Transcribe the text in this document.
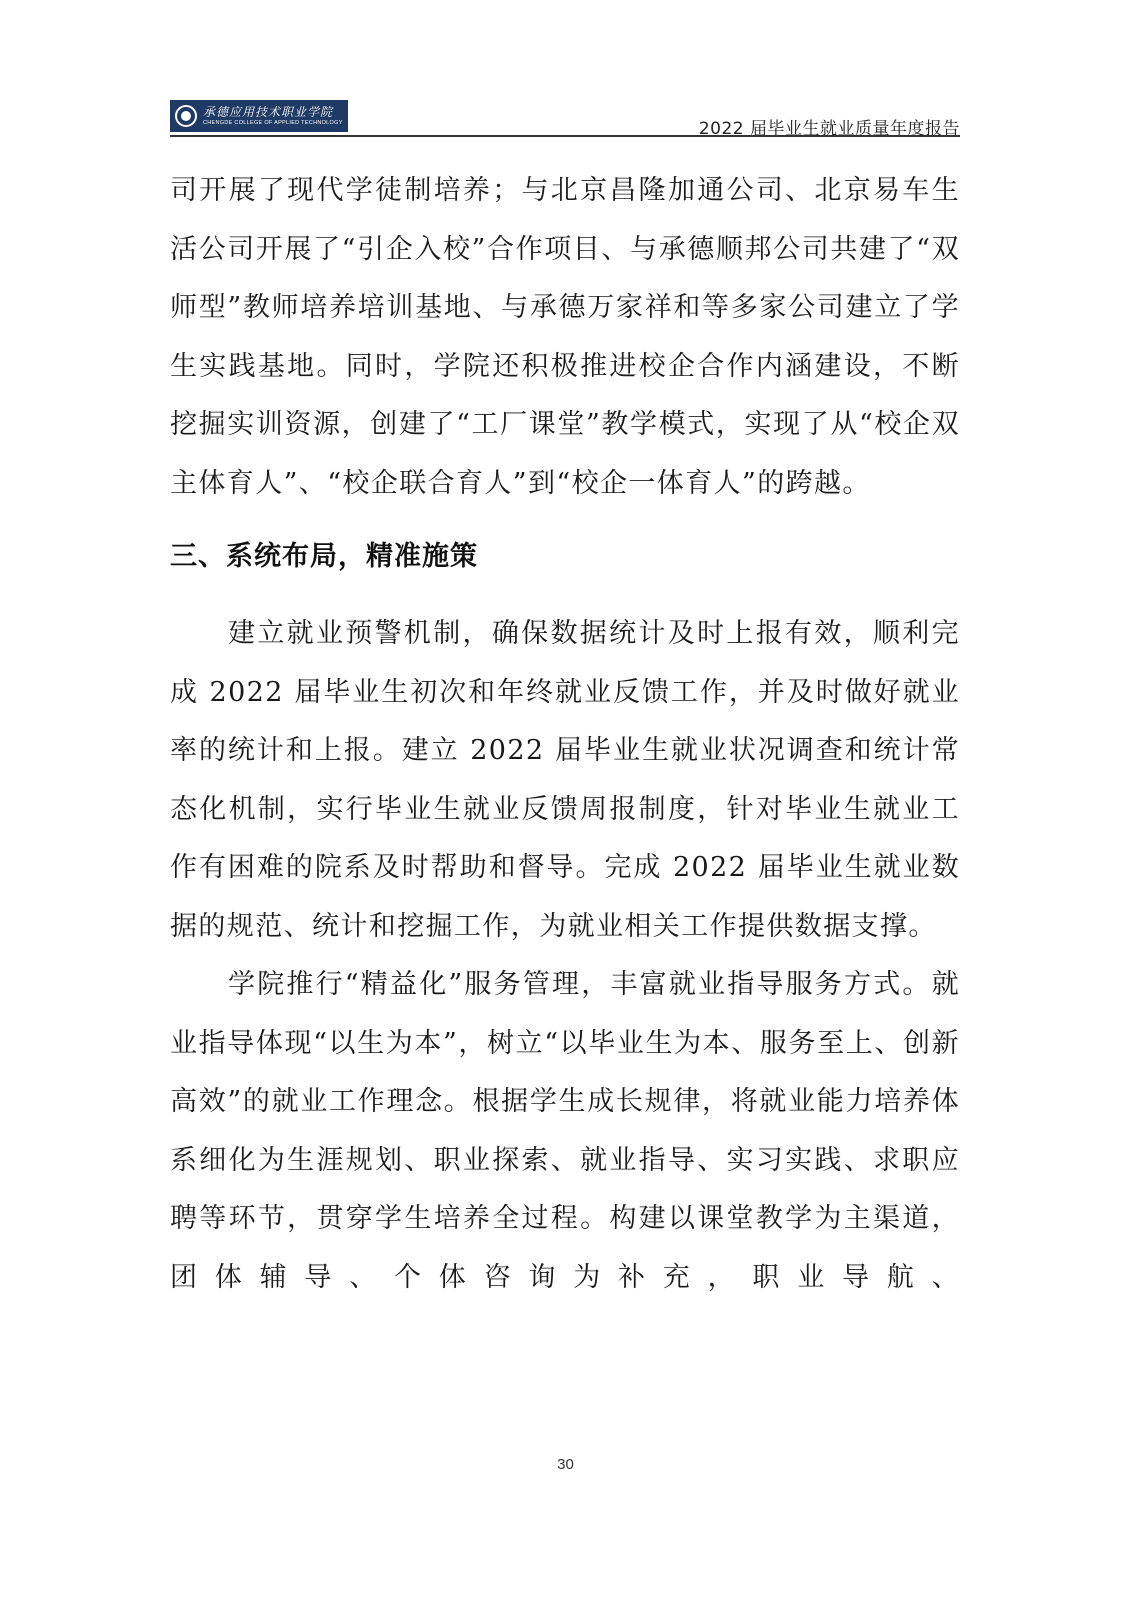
承德应用技术职业学院
CHENGDE COLLEGE OF APPLIED TECHNOLOGY	2022 届毕业生就业质量年度报告

司开展了现代学徒制培养；与北京昌隆加通公司、北京易车生活公司开展了“引企入校”合作项目、与承德顺邦公司共建了“双师型”教师培养培训基地、与承德万家祥和等多家公司建立了学生实践基地。同时，学院还积极推进校企合作内涵建设，不断挖掘实训资源，创建了“工厂课堂”教学模式，实现了从“校企双主体育人”、“校企联合育人”到“校企一体育人”的跨越。

三、系统布局，精准施策

建立就业预警机制，确保数据统计及时上报有效，顺利完成 2022 届毕业生初次和年终就业反馈工作，并及时做好就业率的统计和上报。建立 2022 届毕业生就业状况调查和统计常态化机制，实行毕业生就业反馈周报制度，针对毕业生就业工作有困难的院系及时帮助和督导。完成 2022 届毕业生就业数据的规范、统计和挖掘工作，为就业相关工作提供数据支撑。

学院推行“精益化”服务管理，丰富就业指导服务方式。就业指导体现“以生为本”，树立“以毕业生为本、服务至上、创新高效”的就业工作理念。根据学生成长规律，将就业能力培养体系细化为生涯规划、职业探索、就业指导、实习实践、求职应聘等环节，贯穿学生培养全过程。构建以课堂教学为主渠道，团体辅导、个体咨询为补充，职业导航、

30
